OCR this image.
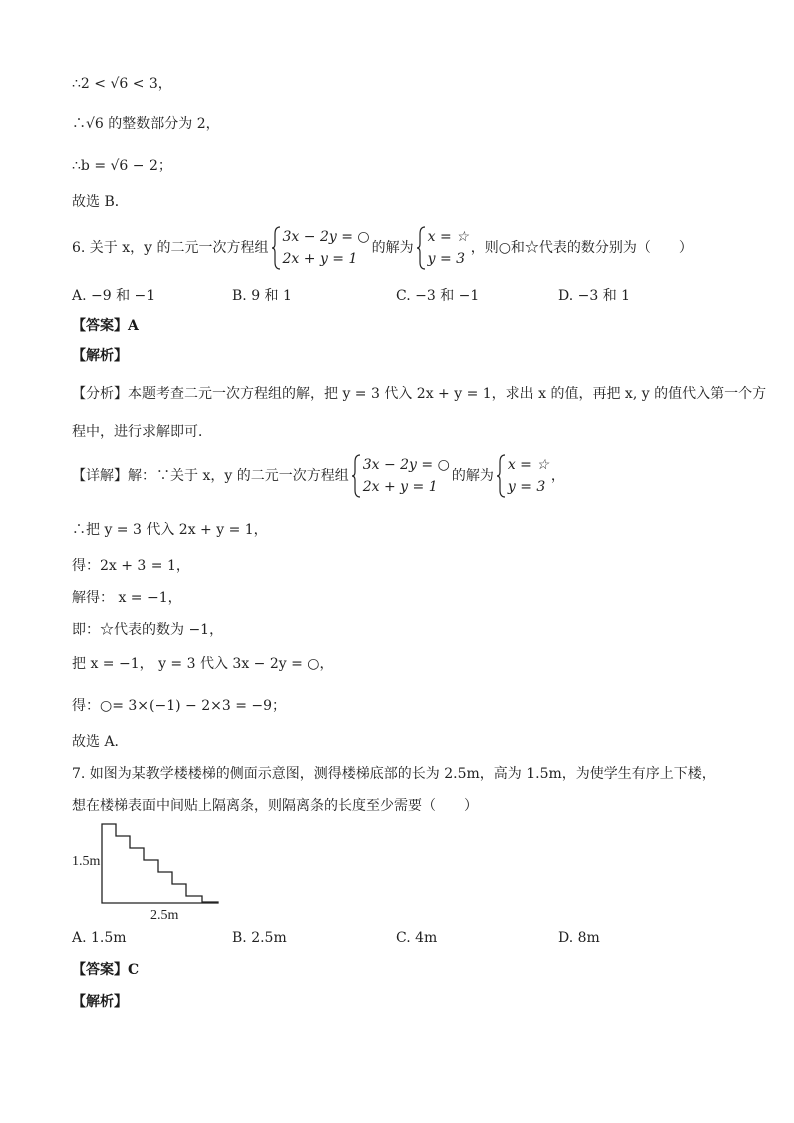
∴2 < √6 < 3，
∴√6 的整数部分为 2，
∴b = √6 − 2；
故选 B．
6. 关于 x，y 的二元一次方程组
3x − 2y = ○
2x + y = 1
的解为
x = ☆
y = 3
，则○和☆代表的数分别为（　　）
A. −9 和 −1	B. 9 和 1	C. −3 和 −1	D. −3 和 1
【答案】A
【解析】
【分析】本题考查二元一次方程组的解，把 y = 3 代入 2x + y = 1，求出 x 的值，再把 x, y 的值代入第一个方
程中，进行求解即可．
【详解】解：∵关于 x，y 的二元一次方程组
3x − 2y = ○
2x + y = 1
的解为
x = ☆
y = 3
，
∴把 y = 3 代入 2x + y = 1，
得：2x + 3 = 1，
解得： x = −1，
即：☆代表的数为 −1，
把 x = −1， y = 3 代入 3x − 2y = ○，
得：○= 3×(−1) − 2×3 = −9；
故选 A．
7. 如图为某教学楼楼梯的侧面示意图，测得楼梯底部的长为 2.5m，高为 1.5m，为使学生有序上下楼，
想在楼梯表面中间贴上隔离条，则隔离条的长度至少需要（　　）
1.5m
2.5m
A. 1.5m	B. 2.5m	C. 4m	D. 8m
【答案】C
【解析】
